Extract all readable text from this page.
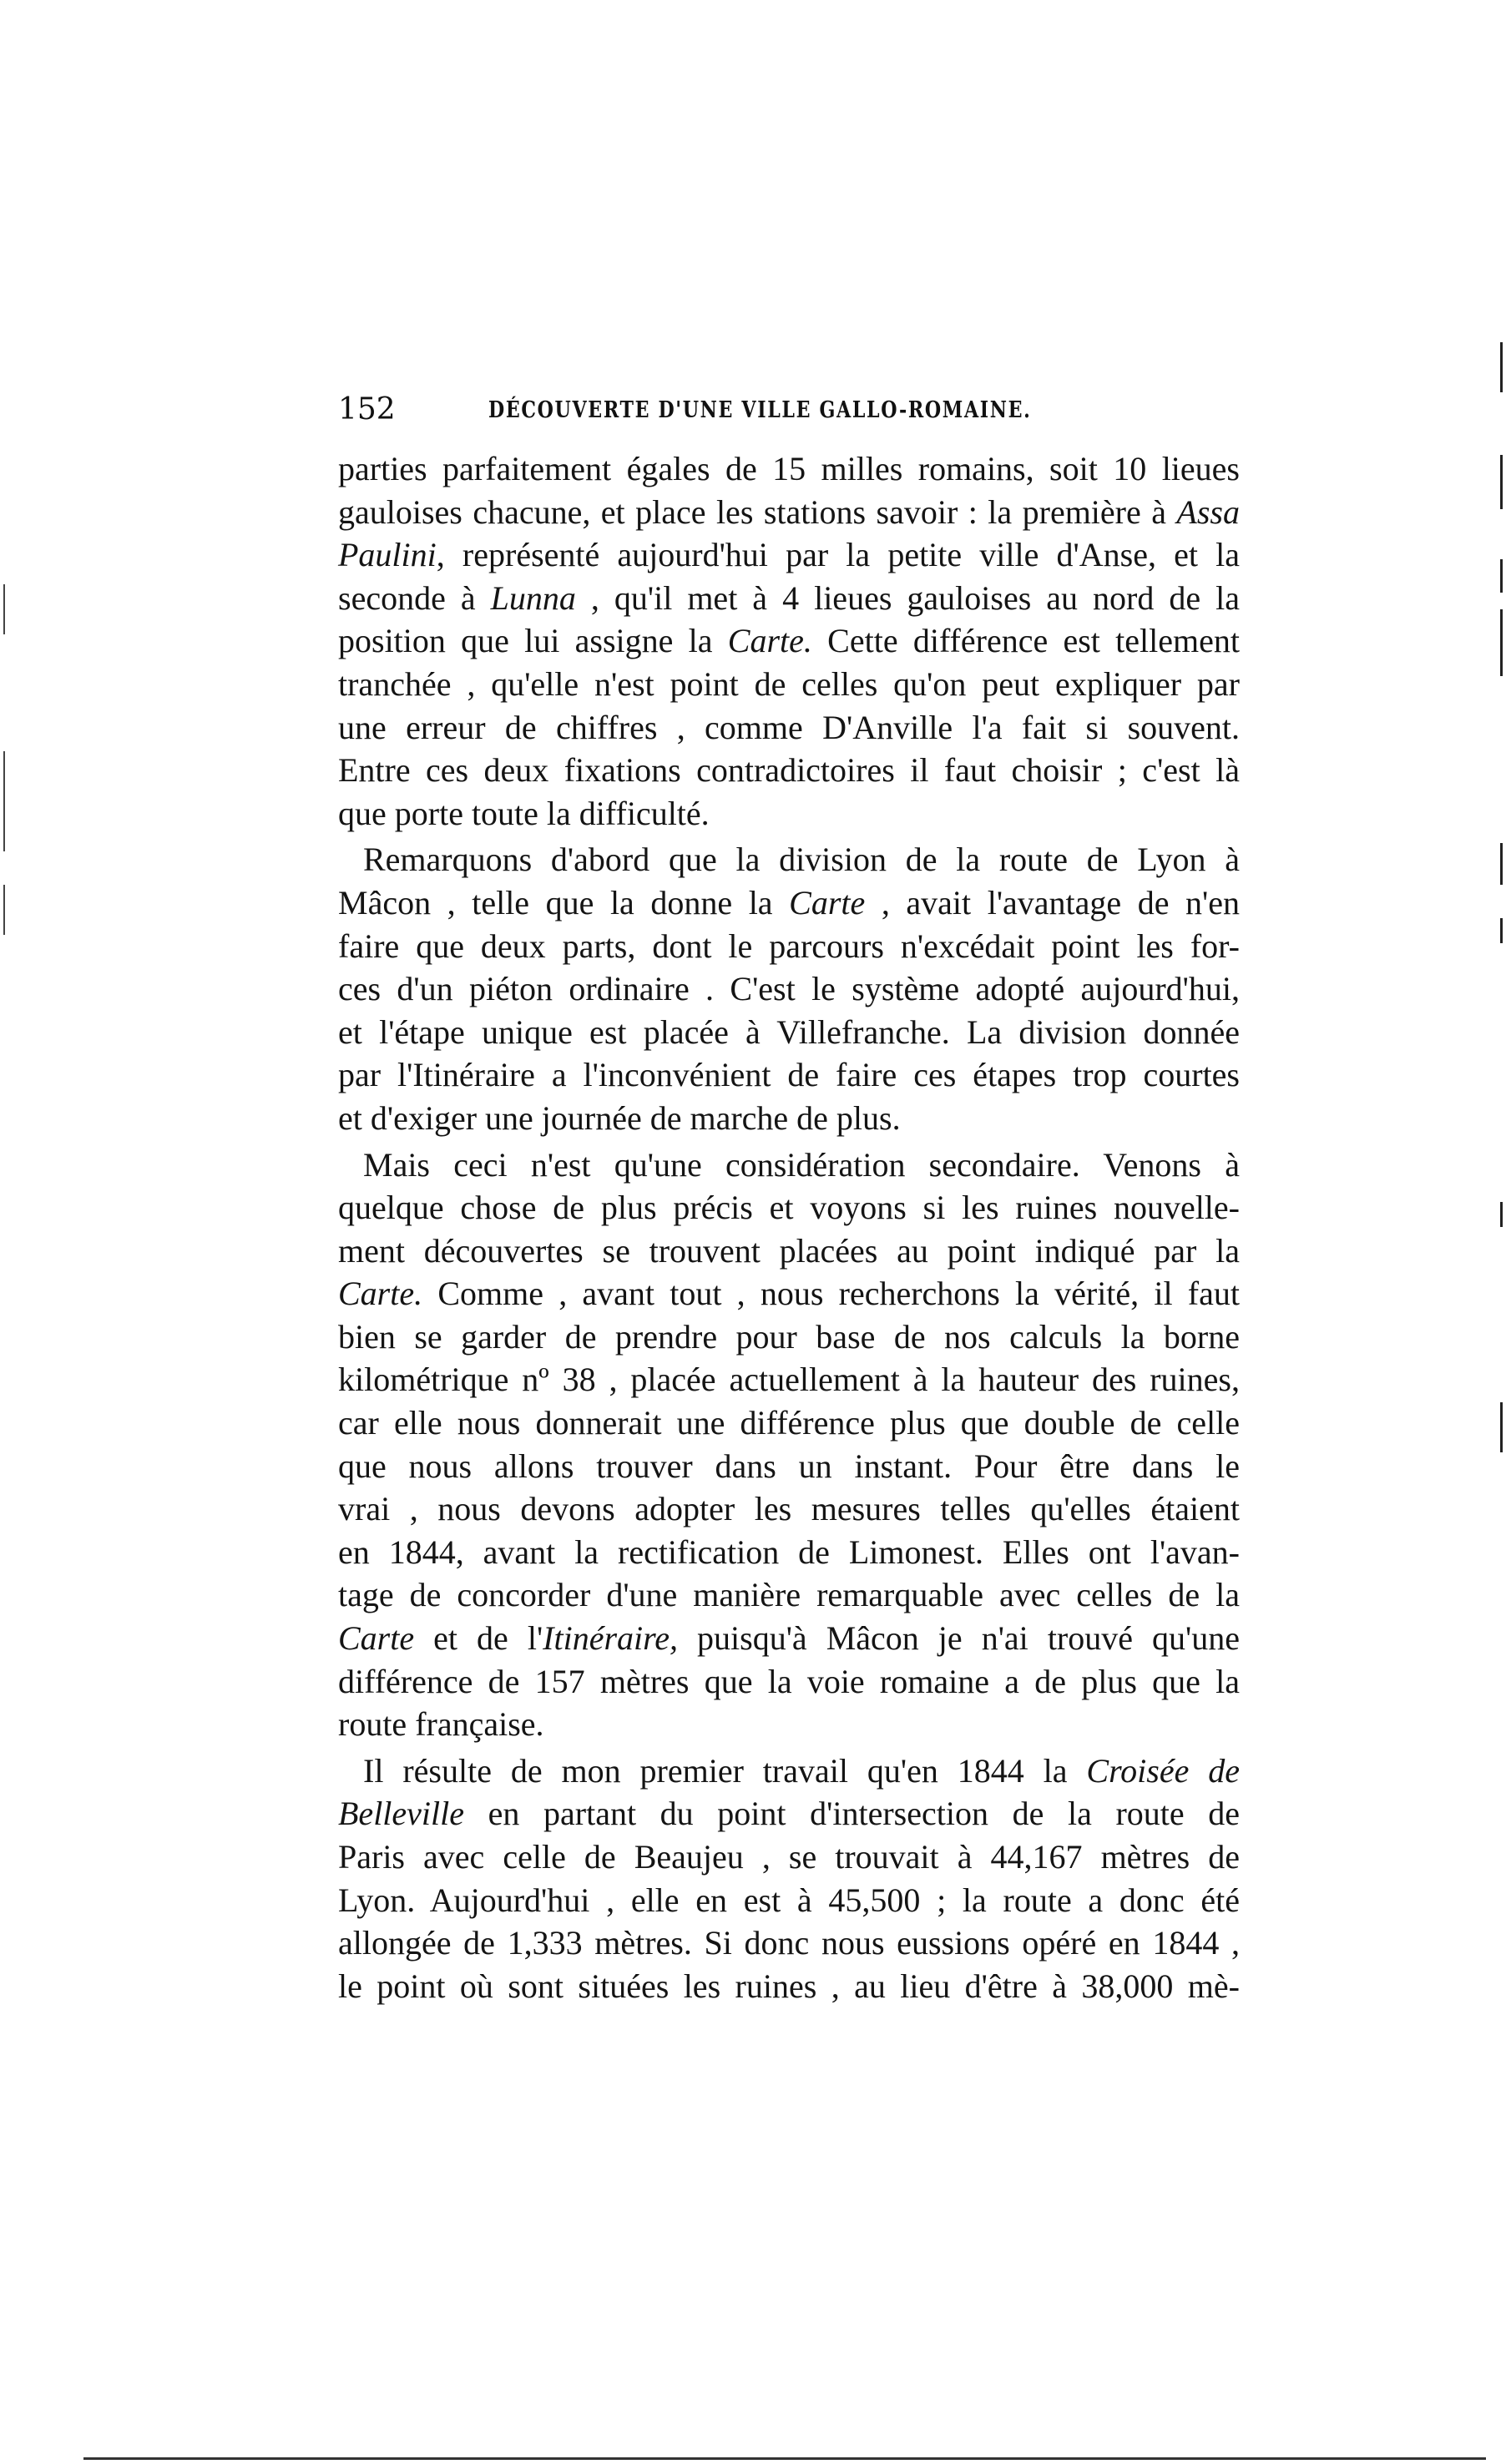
152	DÉCOUVERTE D'UNE VILLE GALLO-ROMAINE.
parties parfaitement égales de 15 milles romains, soit 10 lieues
gauloises chacune, et place les stations savoir : la première à Assa
Paulini, représenté aujourd'hui par la petite ville d'Anse, et la
seconde à Lunna , qu'il met à 4 lieues gauloises au nord de la
position que lui assigne la Carte. Cette différence est tellement
tranchée , qu'elle n'est point de celles qu'on peut expliquer par
une erreur de chiffres , comme D'Anville l'a fait si souvent.
Entre ces deux fixations contradictoires il faut choisir ; c'est là
que porte toute la difficulté.
Remarquons d'abord que la division de la route de Lyon à
Mâcon , telle que la donne la Carte , avait l'avantage de n'en
faire que deux parts, dont le parcours n'excédait point les for-
ces d'un piéton ordinaire . C'est le système adopté aujourd'hui,
et l'étape unique est placée à Villefranche. La division donnée
par l'Itinéraire a l'inconvénient de faire ces étapes trop courtes
et d'exiger une journée de marche de plus.
Mais ceci n'est qu'une considération secondaire. Venons à
quelque chose de plus précis et voyons si les ruines nouvelle-
ment découvertes se trouvent placées au point indiqué par la
Carte. Comme , avant tout , nous recherchons la vérité, il faut
bien se garder de prendre pour base de nos calculs la borne
kilométrique nº 38 , placée actuellement à la hauteur des ruines,
car elle nous donnerait une différence plus que double de celle
que nous allons trouver dans un instant. Pour être dans le
vrai , nous devons adopter les mesures telles qu'elles étaient
en 1844, avant la rectification de Limonest. Elles ont l'avan-
tage de concorder d'une manière remarquable avec celles de la
Carte et de l'Itinéraire, puisqu'à Mâcon je n'ai trouvé qu'une
différence de 157 mètres que la voie romaine a de plus que la
route française.
Il résulte de mon premier travail qu'en 1844 la Croisée de
Belleville en partant du point d'intersection de la route de
Paris avec celle de Beaujeu , se trouvait à 44,167 mètres de
Lyon. Aujourd'hui , elle en est à 45,500 ; la route a donc été
allongée de 1,333 mètres. Si donc nous eussions opéré en 1844 ,
le point où sont situées les ruines , au lieu d'être à 38,000 mè-
